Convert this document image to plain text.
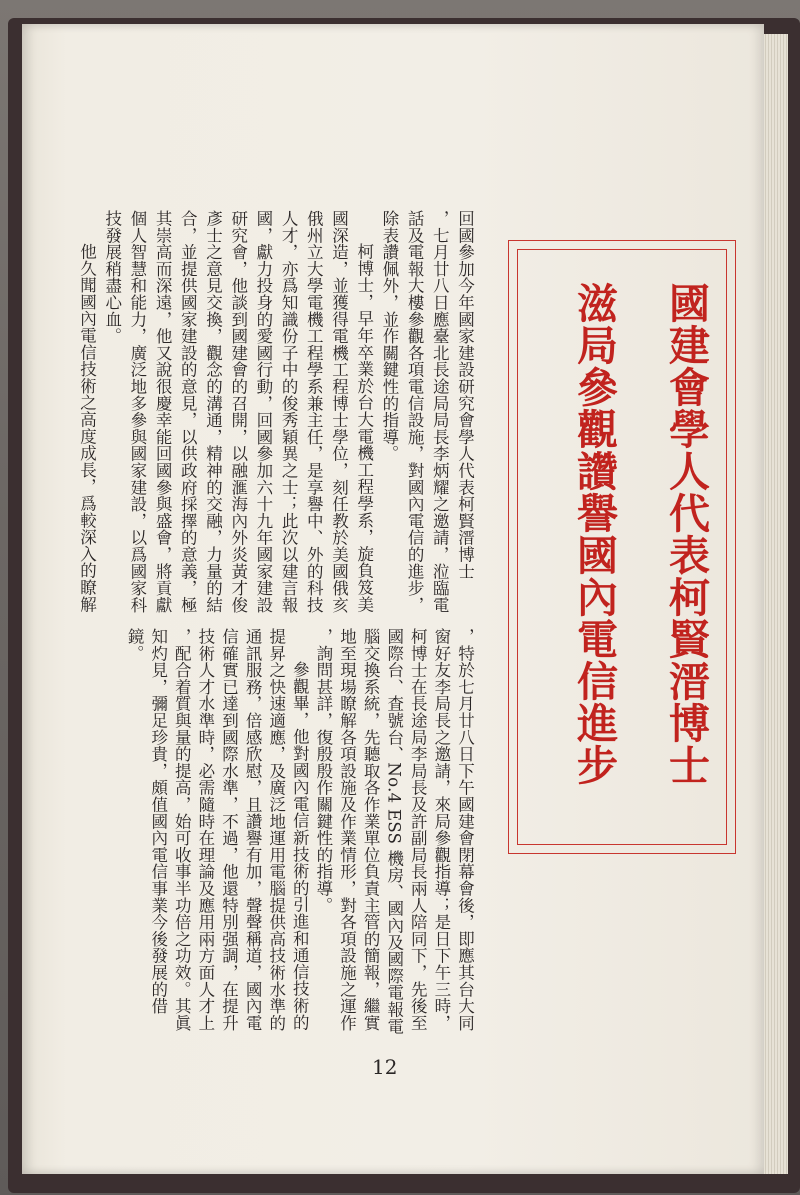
國建會學人代表柯賢溍博士
滋局參觀讚譽國內電信進步
回國參加今年國家建設研究會學人代表柯賢溍博士
，七月廿八日應臺北長途局局長李炳耀之邀請，涖臨電
話及電報大樓參觀各項電信設施，對國內電信的進步，
除表讚佩外，並作關鍵性的指導。
柯博士，早年卒業於台大電機工程學系，旋負笈美
國深造，並獲得電機工程博士學位，刻任教於美國俄亥
俄州立大學電機工程學系兼主任，是享譽中、外的科技
人才，亦爲知識份子中的俊秀穎異之士；此次以建言報
國，獻力投身的愛國行動，回國參加六十九年國家建設
研究會，他談到國建會的召開，以融滙海內外炎黃才俊
彥士之意見交換，觀念的溝通，精神的交融，力量的結
合，並提供國家建設的意見，以供政府採擇的意義，極
其崇高而深遠，他又說很慶幸能回國參與盛會，將貢獻
個人智慧和能力，廣泛地多參與國家建設，以爲國家科
技發展稍盡心血。
他久聞國內電信技術之高度成長，爲較深入的瞭解
，特於七月廿八日下午國建會閉幕會後，即應其台大同
窗好友李局長之邀請，來局參觀指導；是日下午三時，
柯博士在長途局李局長及許副局長兩人陪同下，先後至
國際台、査號台、No.4 ESS 機房、國內及國際電報電
腦交換系統，先聽取各作業單位負責主管的簡報，繼實
地至現場瞭解各項設施及作業情形，對各項設施之運作
，詢問甚詳，復殷殷作關鍵性的指導。
參觀畢，他對國內電信新技術的引進和通信技術的
提昇之快速適應，及廣泛地運用電腦提供高技術水準的
通訊服務，倍感欣慰，且讚譽有加，聲聲稱道，國內電
信確實已達到國際水準，不過，他還特別强調，在提升
技術人才水準時，必需隨時在理論及應用兩方面人才上
，配合着質與量的提高，始可收事半功倍之功效。其眞
知灼見，彌足珍貴，頗值國內電信事業今後發展的借
鏡。
12
